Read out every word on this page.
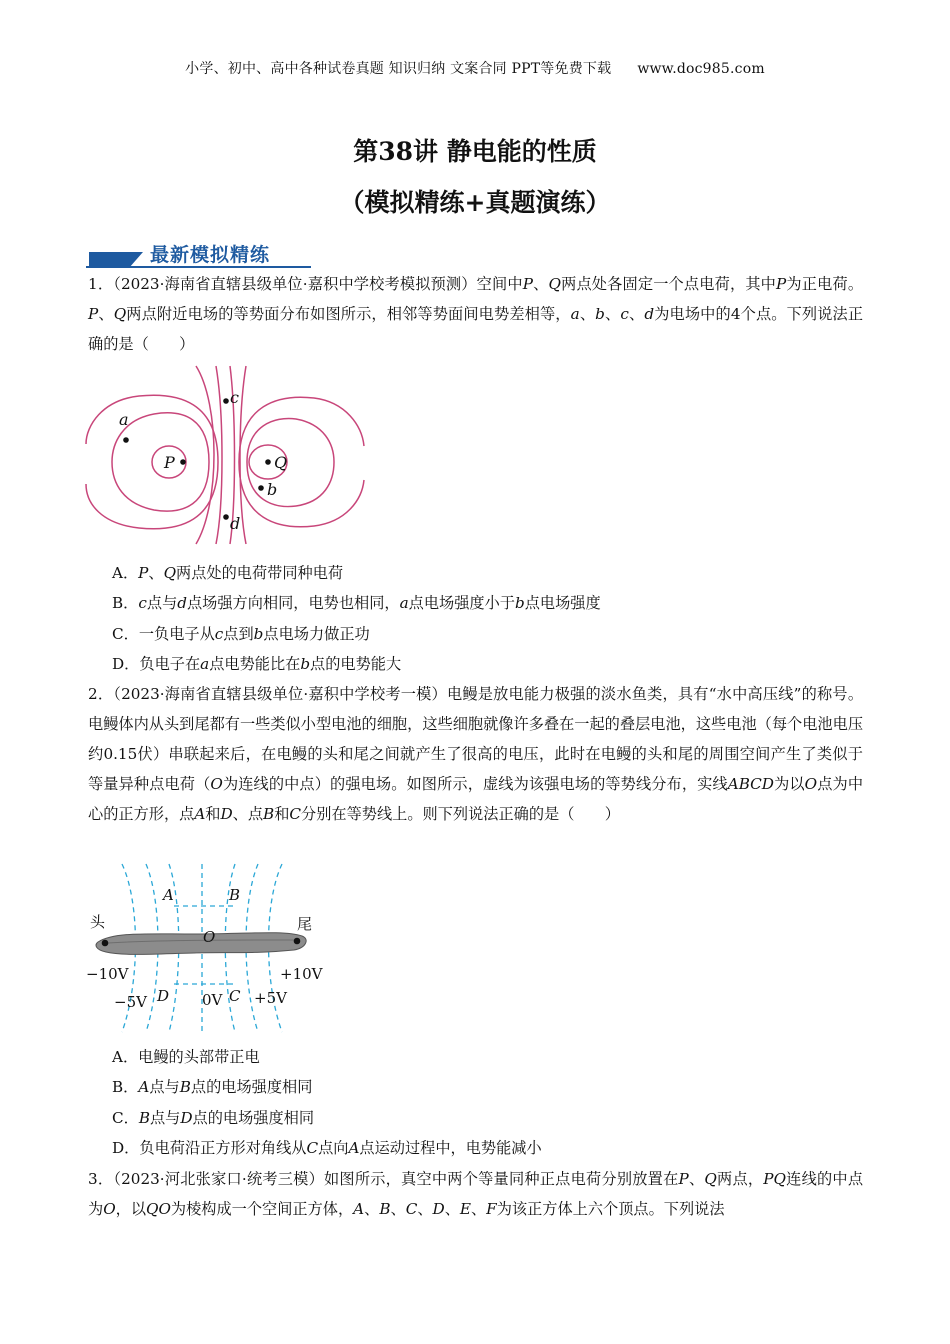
小学、初中、高中各种试卷真题 知识归纳 文案合同 PPT等免费下载 www.doc985.com
第38讲 静电能的性质
（模拟精练+真题演练）
最新模拟精练
1．（2023·海南省直辖县级单位·嘉积中学校考模拟预测）空间中P、Q两点处各固定一个点电荷，其中P为正电荷。P、Q两点附近电场的等势面分布如图所示，相邻等势面间电势差相等，a、b、c、d为电场中的4个点。下列说法正确的是（　　）
c
a
P	Q
b
d
A．P、Q两点处的电荷带同种电荷
B．c点与d点场强方向相同，电势也相同，a点电场强度小于b点电场强度
C．一负电子从c点到b点电场力做正功
D．负电子在a点电势能比在b点的电势能大
2．（2023·海南省直辖县级单位·嘉积中学校考一模）电鳗是放电能力极强的淡水鱼类，具有“水中高压线”的称号。电鳗体内从头到尾都有一些类似小型电池的细胞，这些细胞就像许多叠在一起的叠层电池，这些电池（每个电池电压约0.15伏）串联起来后，在电鳗的头和尾之间就产生了很高的电压，此时在电鳗的头和尾的周围空间产生了类似于等量异种点电荷（O为连线的中点）的强电场。如图所示，虚线为该强电场的等势线分布，实线ABCD为以O点为中心的正方形，点A和D、点B和C分别在等势线上。则下列说法正确的是（　　）
A	B
头	尾
O
−10V	+10V
−5V D 0V C +5V
A．电鳗的头部带正电
B．A点与B点的电场强度相同
C．B点与D点的电场强度相同
D．负电荷沿正方形对角线从C点向A点运动过程中，电势能减小
3．（2023·河北张家口·统考三模）如图所示，真空中两个等量同种正点电荷分别放置在P、Q两点，PQ连线的中点为O，以QO为棱构成一个空间正方体，A、B、C、D、E、F为该正方体上六个顶点。下列说法
